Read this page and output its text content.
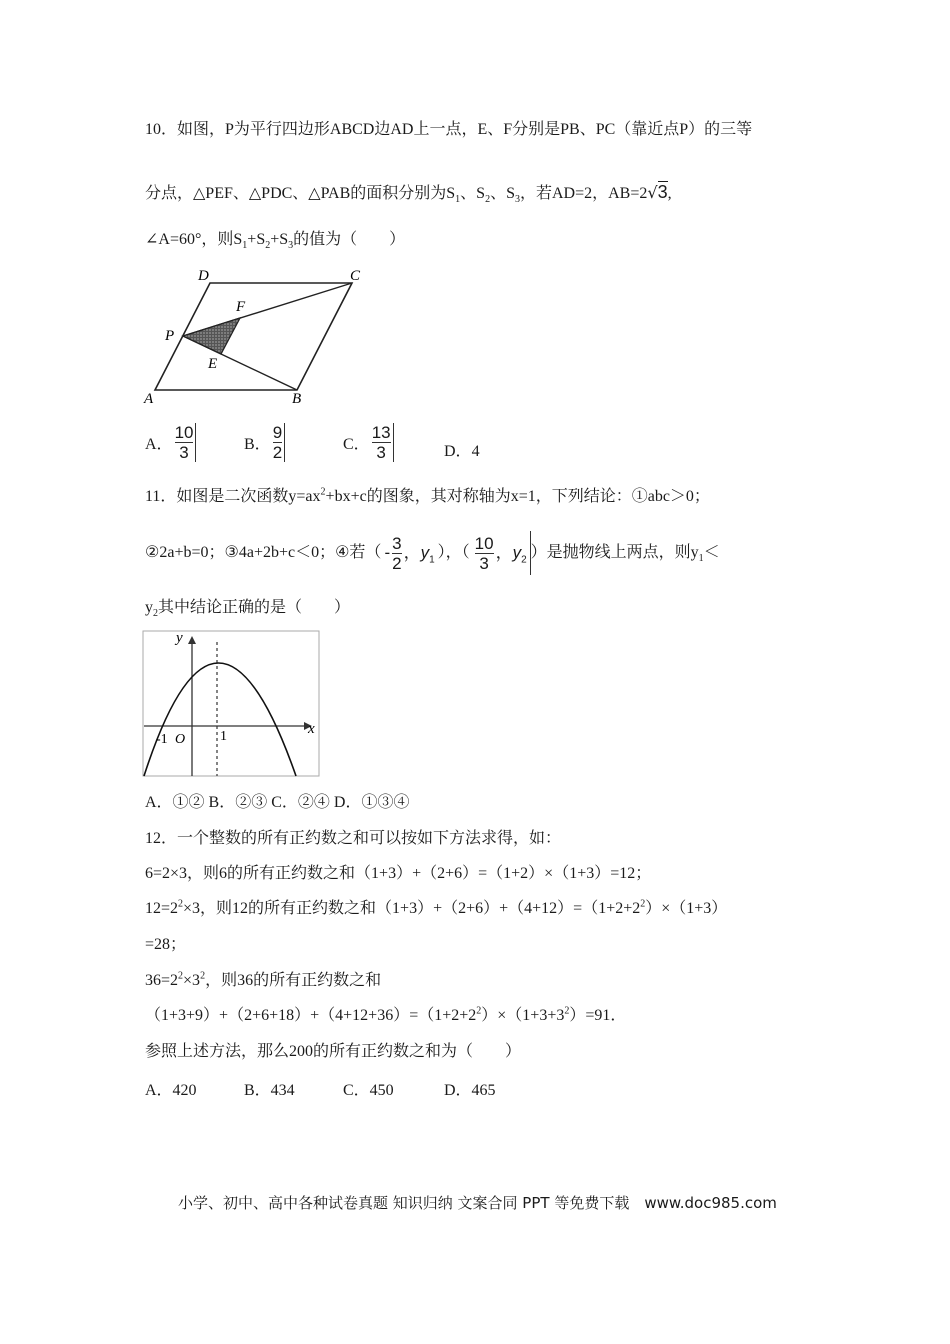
10．如图，P为平行四边形ABCD边AD上一点，E、F分别是PB、PC（靠近点P）的三等
分点，△PEF、△PDC、△PAB的面积分别为$S_1$、$S_2$、$S_3$，若AD=2，AB=2√3,
∠A=60°，则$S_1+S_2+S_3$的值为（　　）
D	C
F
P
E
A	B
A． $\frac{10}{3}$	B． $\frac{9}{2}$	C． $\frac{13}{3}$	D．4
11．如图是二次函数$y=ax^2+bx+c$的图象，其对称轴为x=1，下列结论：①abc＞0；
②2a+b=0；③4a+2b+c＜0；④若（ - $\frac{3}{2}$ ，$y_1$ ），（ $\frac{10}{3}$ ，$y_2$ ）是抛物线上两点，则$y_1<$
$y_2$其中结论正确的是（　　）
y
x
-1 O 1
A．①② B．②③ C．②④ D．①③④
12．一个整数的所有正约数之和可以按如下方法求得，如：
6=2×3，则6的所有正约数之和（1+3）+（2+6）=（1+2）×（1+3）=12；
$12=2^2\times 3$，则12的所有正约数之和$(1+3)+(2+6)+(4+12)=(1+2+2^2)\times(1+3)$
=28；
$36=2^2\times 3^2$，则36的所有正约数之和
$(1+3+9)+(2+6+18)+(4+12+36)=(1+2+2^2)\times(1+3+3^2)=91$．
参照上述方法，那么200的所有正约数之和为（　　）
A．420	B．434	C．450	D．465
小学、初中、高中各种试卷真题 知识归纳 文案合同 PPT 等免费下载　www.doc985.com
